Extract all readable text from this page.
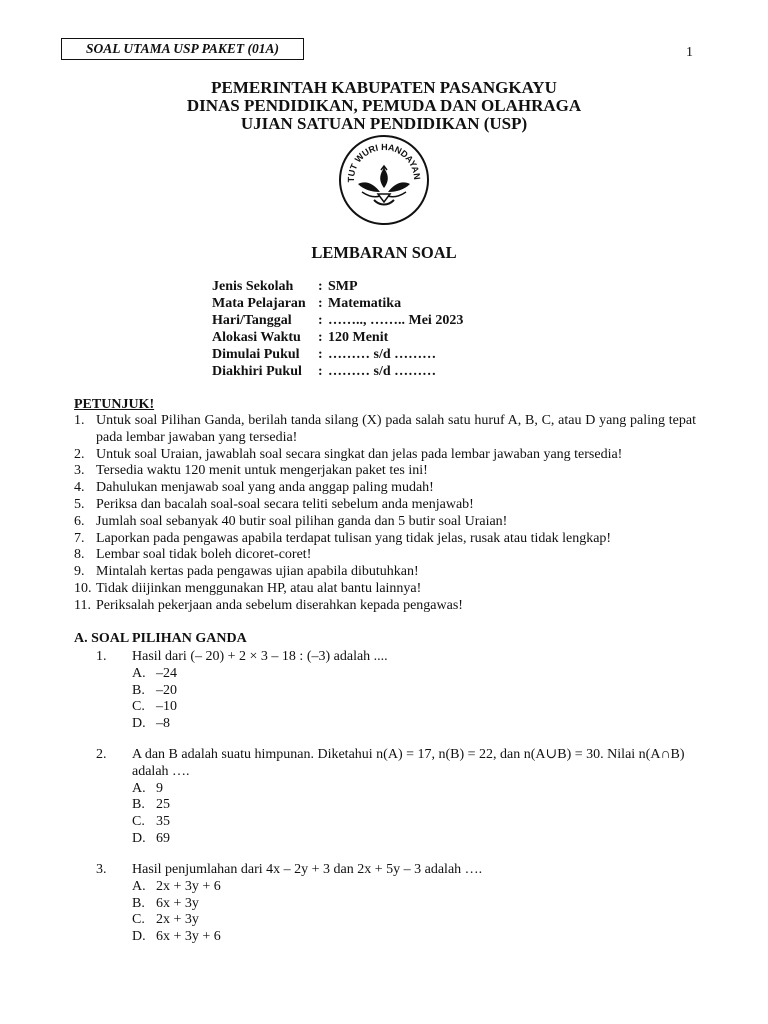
SOAL UTAMA USP PAKET (01A)	1
PEMERINTAH KABUPATEN PASANGKAYU
DINAS PENDIDIKAN, PEMUDA DAN OLAHRAGA
UJIAN SATUAN PENDIDIKAN (USP)
TUT WURI HANDAYAN
LEMBARAN SOAL
Jenis Sekolah	: SMP
Mata Pelajaran : Matematika
Hari/Tanggal	: …….., …….. Mei 2023
Alokasi Waktu	: 120 Menit
Dimulai Pukul	: ……… s/d ………
Diakhiri Pukul	: ……… s/d ………
PETUNJUK!
1. Untuk soal Pilihan Ganda, berilah tanda silang (X) pada salah satu huruf A, B, C, atau D yang paling tepat pada lembar jawaban yang tersedia!
2. Untuk soal Uraian, jawablah soal secara singkat dan jelas pada lembar jawaban yang tersedia!
3. Tersedia waktu 120 menit untuk mengerjakan paket tes ini!
4. Dahulukan menjawab soal yang anda anggap paling mudah!
5. Periksa dan bacalah soal-soal secara teliti sebelum anda menjawab!
6. Jumlah soal sebanyak 40 butir soal pilihan ganda dan 5 butir soal Uraian!
7. Laporkan pada pengawas apabila terdapat tulisan yang tidak jelas, rusak atau tidak lengkap!
8. Lembar soal tidak boleh dicoret-coret!
9. Mintalah kertas pada pengawas ujian apabila dibutuhkan!
10. Tidak diijinkan menggunakan HP, atau alat bantu lainnya!
11. Periksalah pekerjaan anda sebelum diserahkan kepada pengawas!
A. SOAL PILIHAN GANDA
1.	Hasil dari (– 20) + 2 × 3 – 18 : (–3) adalah ....
A. –24
B. –20
C. –10
D. –8
2.	A dan B adalah suatu himpunan. Diketahui n(A) = 17, n(B) = 22, dan n(A∪B) = 30. Nilai n(A∩B) adalah ….
A. 9
B. 25
C. 35
D. 69
3.	Hasil penjumlahan dari 4x – 2y + 3 dan 2x + 5y – 3 adalah ….
A. 2x + 3y + 6
B. 6x + 3y
C. 2x + 3y
D. 6x + 3y + 6
